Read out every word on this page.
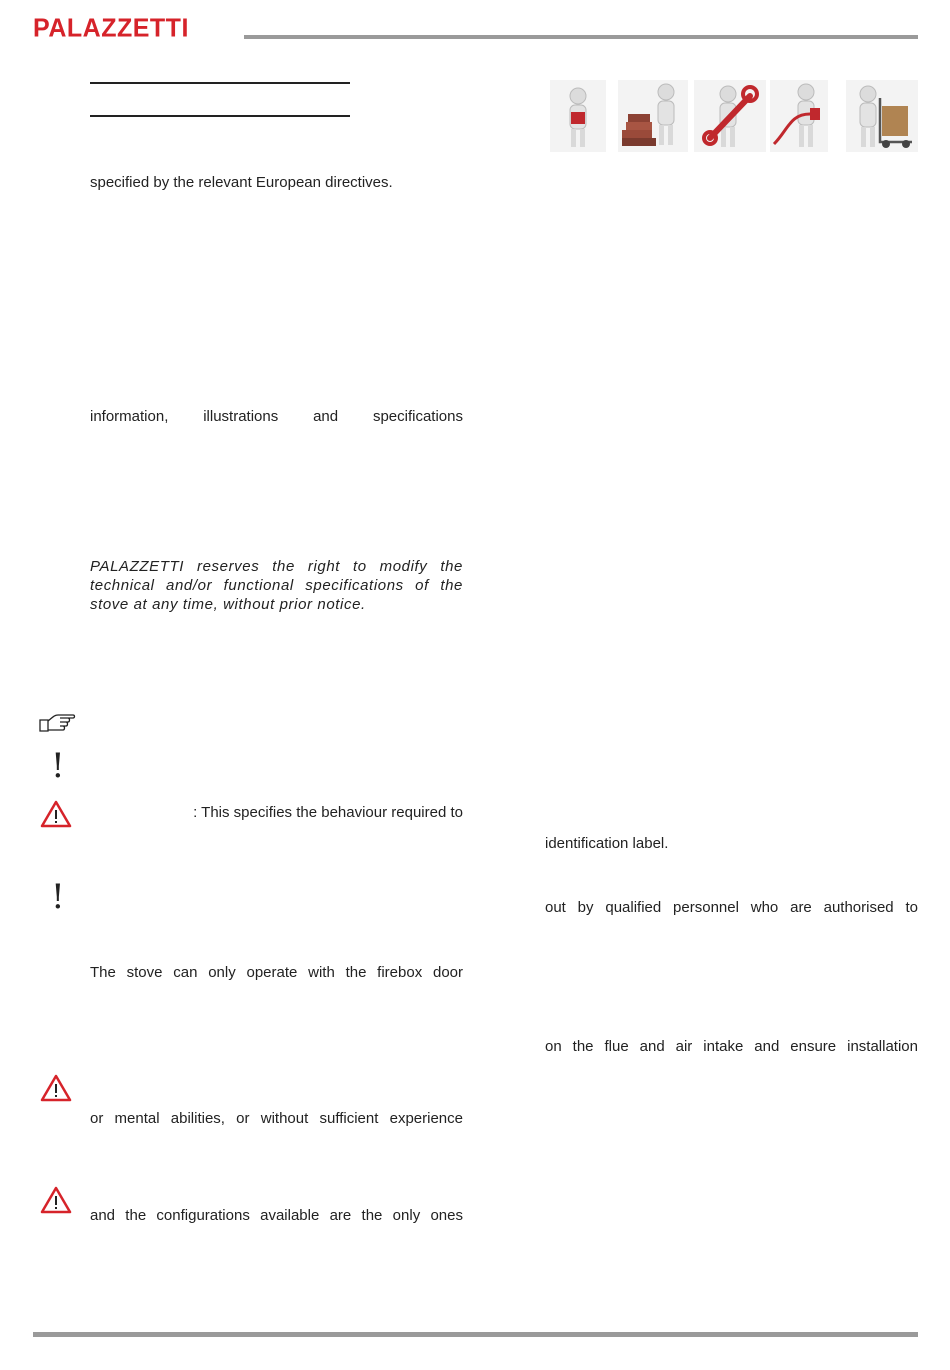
PALAZZETTI
specified by the relevant European directives.
information, illustrations and specifications
PALAZZETTI reserves the right to modify the technical and/or functional specifications of the stove at any time, without prior notice.
!
: This specifies the behaviour required to
!
The stove can only operate with the firebox door
or mental abilities, or without sufficient experience
and the configurations available are the only ones
identification label.
out by qualified personnel who are authorised to
on the flue and air intake and ensure installation
